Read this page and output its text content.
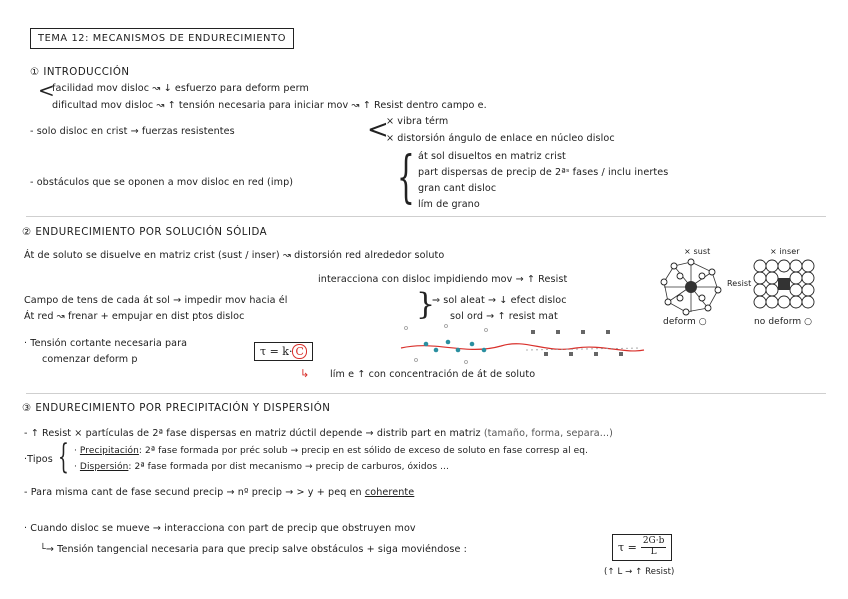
TEMA 12: MECANISMOS DE ENDURECIMIENTO
① INTRODUCCIÓN
<
facilidad mov disloc ↝ ↓ esfuerzo para deform perm
dificultad mov disloc ↝ ↑ tensión necesaria para iniciar mov ↝ ↑ Resist dentro campo e.
- solo disloc en crist → fuerzas resistentes	<
× vibra térm
× distorsión ángulo de enlace en núcleo disloc
- obstáculos que se oponen a mov disloc en red (imp) { át sol disueltos en matriz crist
part dispersas de precip de 2ªˢ fases / inclu inertes
gran cant disloc
lím de grano
② ENDURECIMIENTO POR SOLUCIÓN SÓLIDA
Át de soluto se disuelve en matriz crist (sust / inser) ↝ distorsión red alrededor soluto
interacciona con disloc impidiendo mov → ↑ Resist
Campo de tens de cada át sol → impedir mov hacia él
Át red ↝ frenar + empujar en dist ptos disloc	}
⇒ sol aleat → ↓ efect disloc
sol ord → ↑ resist mat
· Tensión cortante necesaria para
comenzar deform p
τ = k· C
↳ lím e ↑ con concentración de át de soluto
× sust	× inser
Resist
deform ○	no deform ○
③ ENDURECIMIENTO POR PRECIPITACIÓN Y DISPERSIÓN
- ↑ Resist × partículas de 2ª fase dispersas en matriz dúctil depende → distrib part en matriz (tamaño, forma, separa...)
·Tipos { · Precipitación: 2ª fase formada por préc solub → precip en est sólido de exceso de soluto en fase corresp al eq.
· Dispersión: 2ª fase formada por dist mecanismo → precip de carburos, óxidos ...
- Para misma cant de fase secund precip → nº precip → > y + peq en coherente
· Cuando disloc se mueve → interacciona con part de precip que obstruyen mov
└→ Tensión tangencial necesaria para que precip salve obstáculos + siga moviéndose :	$\tau = \frac{2G\cdot b}{L}$
(↑ L → ↑ Resist)
